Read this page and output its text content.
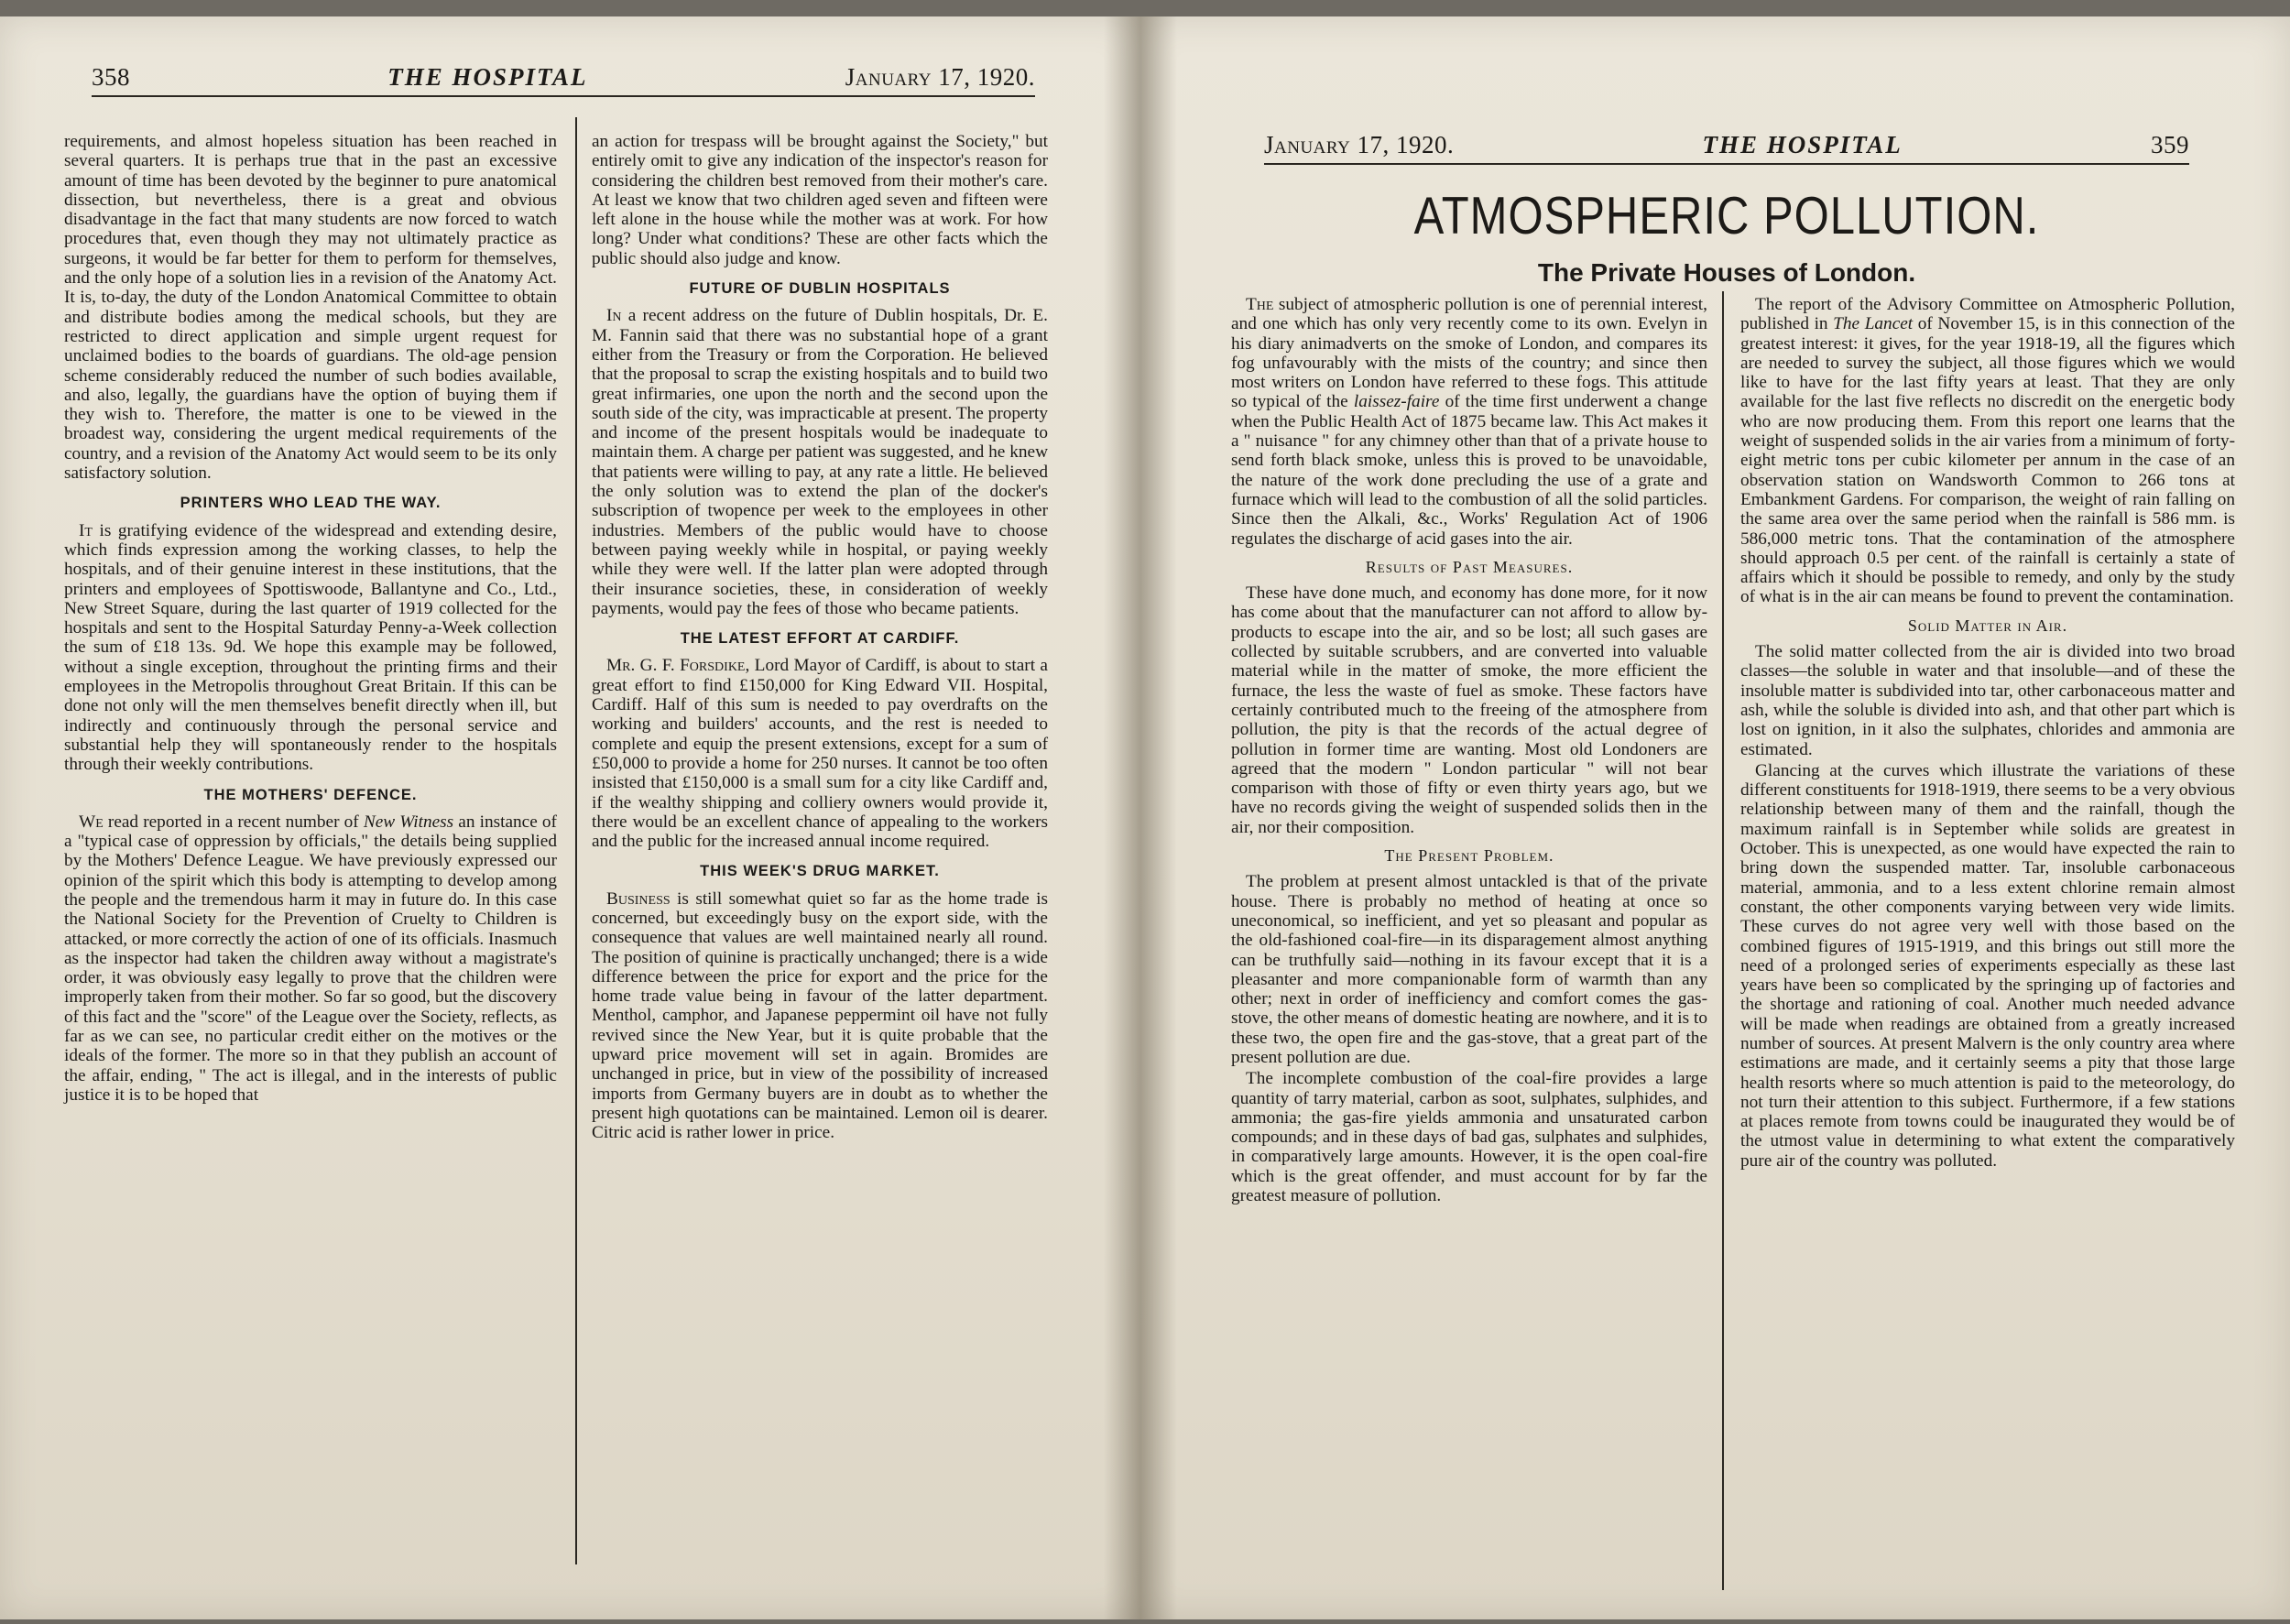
358	THE HOSPITAL	January 17, 1920.

requirements, and almost hopeless situation has been reached in several quarters. It is perhaps true that in the past an excessive amount of time has been devoted by the beginner to pure anatomical dissection, but nevertheless, there is a great and obvious disadvantage in the fact that many students are now forced to watch procedures that, even though they may not ultimately practice as surgeons, it would be far better for them to perform for themselves, and the only hope of a solution lies in a revision of the Anatomy Act. It is, to-day, the duty of the London Anatomical Committee to obtain and distribute bodies among the medical schools, but they are restricted to direct application and simple urgent request for unclaimed bodies to the boards of guardians. The old-age pension scheme considerably reduced the number of such bodies available, and also, legally, the guardians have the option of buying them if they wish to. Therefore, the matter is one to be viewed in the broadest way, considering the urgent medical requirements of the country, and a revision of the Anatomy Act would seem to be its only satisfactory solution.

PRINTERS WHO LEAD THE WAY.

It is gratifying evidence of the widespread and extending desire, which finds expression among the working classes, to help the hospitals, and of their genuine interest in these institutions, that the printers and employees of Spottiswoode, Ballantyne and Co., Ltd., New Street Square, during the last quarter of 1919 collected for the hospitals and sent to the Hospital Saturday Penny-a-Week collection the sum of £18 13s. 9d. We hope this example may be followed, without a single exception, throughout the printing firms and their employees in the Metropolis throughout Great Britain. If this can be done not only will the men themselves benefit directly when ill, but indirectly and continuously through the personal service and substantial help they will spontaneously render to the hospitals through their weekly contributions.

THE MOTHERS' DEFENCE.

We read reported in a recent number of New Witness an instance of a "typical case of oppression by officials," the details being supplied by the Mothers' Defence League. We have previously expressed our opinion of the spirit which this body is attempting to develop among the people and the tremendous harm it may in future do. In this case the National Society for the Prevention of Cruelty to Children is attacked, or more correctly the action of one of its officials. Inasmuch as the inspector had taken the children away without a magistrate's order, it was obviously easy legally to prove that the children were improperly taken from their mother. So far so good, but the discovery of this fact and the "score" of the League over the Society, reflects, as far as we can see, no particular credit either on the motives or the ideals of the former. The more so in that they publish an account of the affair, ending, " The act is illegal, and in the interests of public justice it is to be hoped that

an action for trespass will be brought against the Society," but entirely omit to give any indication of the inspector's reason for considering the children best removed from their mother's care. At least we know that two children aged seven and fifteen were left alone in the house while the mother was at work. For how long? Under what conditions? These are other facts which the public should also judge and know.

FUTURE OF DUBLIN HOSPITALS

In a recent address on the future of Dublin hospitals, Dr. E. M. Fannin said that there was no substantial hope of a grant either from the Treasury or from the Corporation. He believed that the proposal to scrap the existing hospitals and to build two great infirmaries, one upon the north and the second upon the south side of the city, was impracticable at present. The property and income of the present hospitals would be inadequate to maintain them. A charge per patient was suggested, and he knew that patients were willing to pay, at any rate a little. He believed the only solution was to extend the plan of the docker's subscription of twopence per week to the employees in other industries. Members of the public would have to choose between paying weekly while in hospital, or paying weekly while they were well. If the latter plan were adopted through their insurance societies, these, in consideration of weekly payments, would pay the fees of those who became patients.

THE LATEST EFFORT AT CARDIFF.

Mr. G. F. Forsdike, Lord Mayor of Cardiff, is about to start a great effort to find £150,000 for King Edward VII. Hospital, Cardiff. Half of this sum is needed to pay overdrafts on the working and builders' accounts, and the rest is needed to complete and equip the present extensions, except for a sum of £50,000 to provide a home for 250 nurses. It cannot be too often insisted that £150,000 is a small sum for a city like Cardiff and, if the wealthy shipping and colliery owners would provide it, there would be an excellent chance of appealing to the workers and the public for the increased annual income required.

THIS WEEK'S DRUG MARKET.

Business is still somewhat quiet so far as the home trade is concerned, but exceedingly busy on the export side, with the consequence that values are well maintained nearly all round. The position of quinine is practically unchanged; there is a wide difference between the price for export and the price for the home trade value being in favour of the latter department. Menthol, camphor, and Japanese peppermint oil have not fully revived since the New Year, but it is quite probable that the upward price movement will set in again. Bromides are unchanged in price, but in view of the possibility of increased imports from Germany buyers are in doubt as to whether the present high quotations can be maintained. Lemon oil is dearer. Citric acid is rather lower in price.

January 17, 1920.	THE HOSPITAL	359
ATMOSPHERIC POLLUTION.
The Private Houses of London.

The subject of atmospheric pollution is one of perennial interest, and one which has only very recently come to its own. Evelyn in his diary animadverts on the smoke of London, and compares its fog unfavourably with the mists of the country; and since then most writers on London have referred to these fogs. This attitude so typical of the laissez-faire of the time first underwent a change when the Public Health Act of 1875 became law. This Act makes it a " nuisance " for any chimney other than that of a private house to send forth black smoke, unless this is proved to be unavoidable, the nature of the work done precluding the use of a grate and furnace which will lead to the combustion of all the solid particles. Since then the Alkali, &c., Works' Regulation Act of 1906 regulates the discharge of acid gases into the air.

Results of Past Measures.

These have done much, and economy has done more, for it now has come about that the manufacturer can not afford to allow by-products to escape into the air, and so be lost; all such gases are collected by suitable scrubbers, and are converted into valuable material while in the matter of smoke, the more efficient the furnace, the less the waste of fuel as smoke. These factors have certainly contributed much to the freeing of the atmosphere from pollution, the pity is that the records of the actual degree of pollution in former time are wanting. Most old Londoners are agreed that the modern " London particular " will not bear comparison with those of fifty or even thirty years ago, but we have no records giving the weight of suspended solids then in the air, nor their composition.

The Present Problem.

The problem at present almost untackled is that of the private house. There is probably no method of heating at once so uneconomical, so inefficient, and yet so pleasant and popular as the old-fashioned coal-fire—in its disparagement almost anything can be truthfully said—nothing in its favour except that it is a pleasanter and more companionable form of warmth than any other; next in order of inefficiency and comfort comes the gas-stove, the other means of domestic heating are nowhere, and it is to these two, the open fire and the gas-stove, that a great part of the present pollution are due.

The incomplete combustion of the coal-fire provides a large quantity of tarry material, carbon as soot, sulphates, sulphides, and ammonia; the gas-fire yields ammonia and unsaturated carbon compounds; and in these days of bad gas, sulphates and sulphides, in comparatively large amounts. However, it is the open coal-fire which is the great offender, and must account for by far the greatest measure of pollution.

The report of the Advisory Committee on Atmospheric Pollution, published in The Lancet of November 15, is in this connection of the greatest interest: it gives, for the year 1918-19, all the figures which are needed to survey the subject, all those figures which we would like to have for the last fifty years at least. That they are only available for the last five reflects no discredit on the energetic body who are now producing them. From this report one learns that the weight of suspended solids in the air varies from a minimum of forty-eight metric tons per cubic kilometer per annum in the case of an observation station on Wandsworth Common to 266 tons at Embankment Gardens. For comparison, the weight of rain falling on the same area over the same period when the rainfall is 586 mm. is 586,000 metric tons. That the contamination of the atmosphere should approach 0.5 per cent. of the rainfall is certainly a state of affairs which it should be possible to remedy, and only by the study of what is in the air can means be found to prevent the contamination.

Solid Matter in Air.

The solid matter collected from the air is divided into two broad classes—the soluble in water and that insoluble—and of these the insoluble matter is subdivided into tar, other carbonaceous matter and ash, while the soluble is divided into ash, and that other part which is lost on ignition, in it also the sulphates, chlorides and ammonia are estimated.

Glancing at the curves which illustrate the variations of these different constituents for 1918-1919, there seems to be a very obvious relationship between many of them and the rainfall, though the maximum rainfall is in September while solids are greatest in October. This is unexpected, as one would have expected the rain to bring down the suspended matter. Tar, insoluble carbonaceous material, ammonia, and to a less extent chlorine remain almost constant, the other components varying between very wide limits. These curves do not agree very well with those based on the combined figures of 1915-1919, and this brings out still more the need of a prolonged series of experiments especially as these last years have been so complicated by the springing up of factories and the shortage and rationing of coal. Another much needed advance will be made when readings are obtained from a greatly increased number of sources. At present Malvern is the only country area where estimations are made, and it certainly seems a pity that those large health resorts where so much attention is paid to the meteorology, do not turn their attention to this subject. Furthermore, if a few stations at places remote from towns could be inaugurated they would be of the utmost value in determining to what extent the comparatively pure air of the country was polluted.
